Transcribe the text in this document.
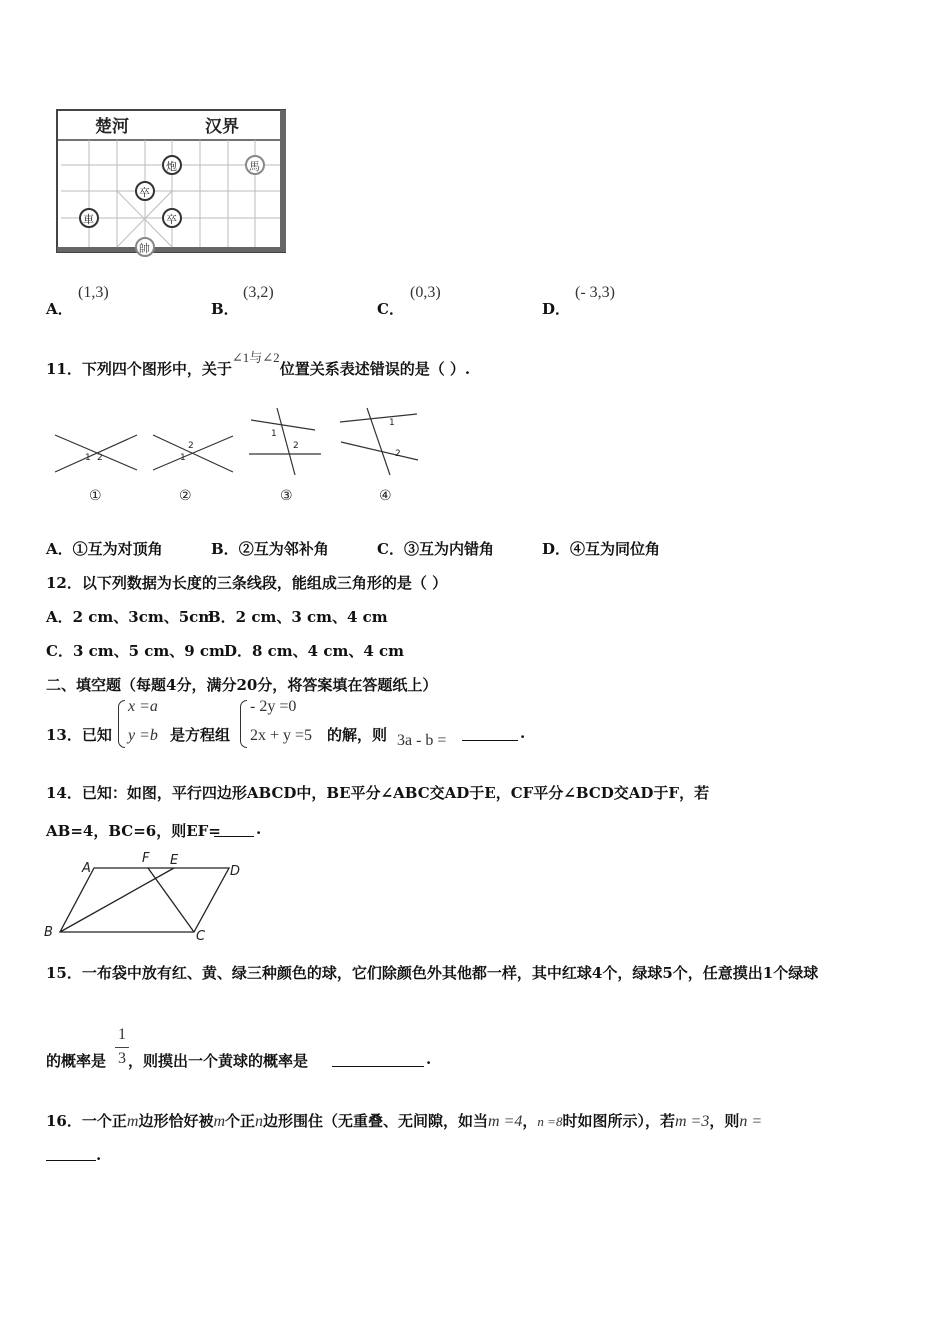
楚河	汉界
炮	馬
卒
車	卒
帥
A．
(1,3)
B．
(3,2)
C．
(0,3)
D．
(- 3,3)
11．下列四个图形中，关于∠1与∠2位置关系表述错误的是（ ）.
1 2	1
2
1
2
1
2
①	②	③	④
A．①互为对顶角	B．②互为邻补角	C．③互为内错角	D．④互为同位角
12．以下列数据为长度的三条线段，能组成三角形的是（ ）
A．2 cm、3cm、5cm
B．2 cm、3 cm、4 cm
C．3 cm、5 cm、9 cm D．8 cm、4 cm、4 cm
二、填空题（每题4分，满分20分，将答案填在答题纸上）
13．已知
x =a
y =b 是方程组
- 2y =0
2x + y =5 的解，则 3a - b =	.
14．已知：如图，平行四边形ABCD中，BE平分∠ABC交AD于E，CF平分∠BCD交AD于F，若
AB=4，BC=6，则EF= .
A
F E
D
B	C
15．一布袋中放有红、黄、绿三种颜色的球，它们除颜色外其他都一样，其中红球4个，绿球5个，任意摸出1个绿球
1
3
的概率是 ，则摸出一个黄球的概率是	.
16．一个正m边形恰好被m个正n边形围住（无重叠、无间隙，如当m =4，n =8时如图所示），若m =3，则n =
.
